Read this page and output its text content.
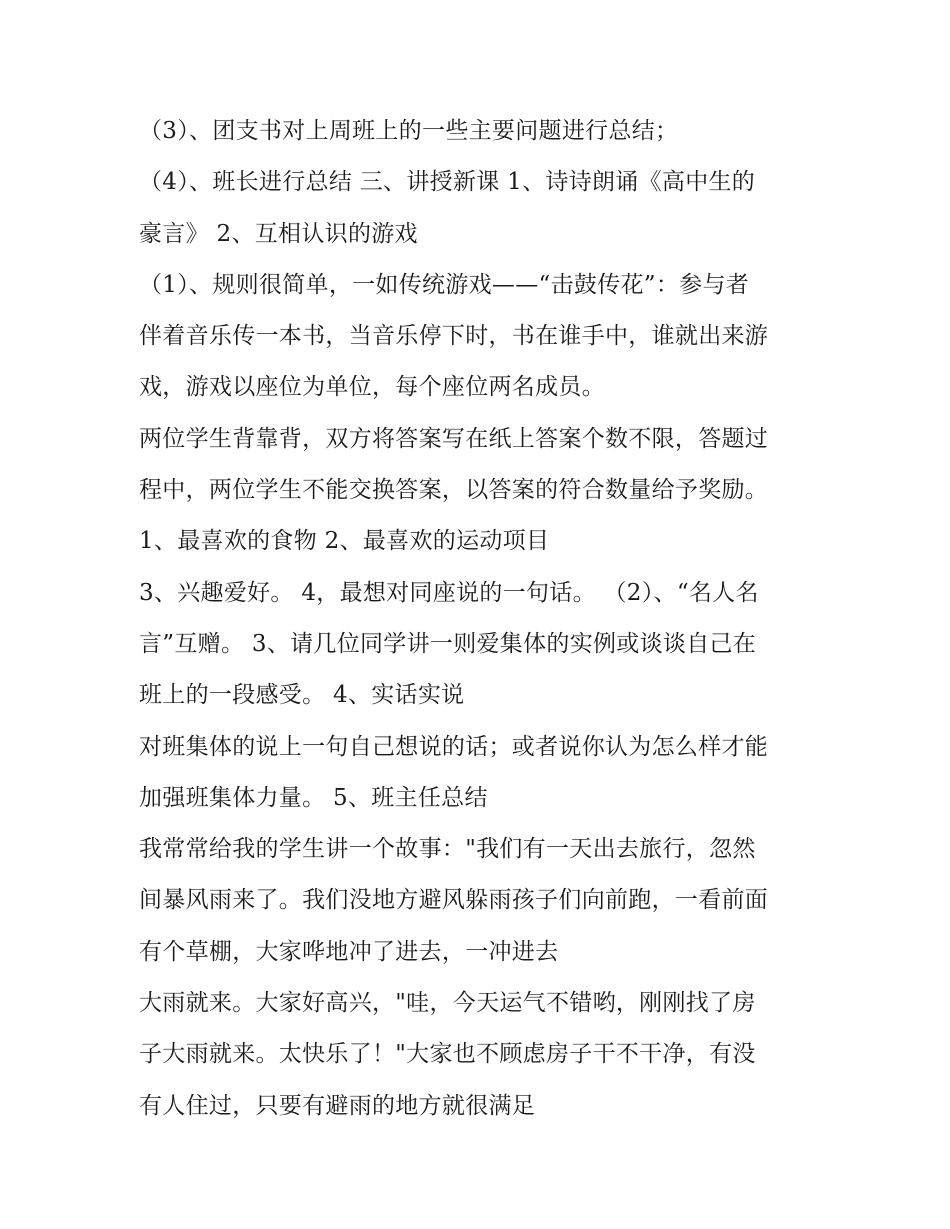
（3）、团支书对上周班上的一些主要问题进行总结；
（4）、班长进行总结 三、讲授新课 1、诗诗朗诵《高中生的
豪言》 2、互相认识的游戏
（1）、规则很简单，一如传统游戏——“击鼓传花”：参与者
伴着音乐传一本书，当音乐停下时，书在谁手中，谁就出来游
戏，游戏以座位为单位，每个座位两名成员。
两位学生背靠背，双方将答案写在纸上答案个数不限，答题过
程中，两位学生不能交换答案，以答案的符合数量给予奖励。
1、最喜欢的食物 2、最喜欢的运动项目
3、兴趣爱好。 4，最想对同座说的一句话。 （2）、“名人名
言”互赠。 3、请几位同学讲一则爱集体的实例或谈谈自己在
班上的一段感受。 4、实话实说
对班集体的说上一句自己想说的话；或者说你认为怎么样才能
加强班集体力量。 5、班主任总结
我常常给我的学生讲一个故事："我们有一天出去旅行，忽然
间暴风雨来了。我们没地方避风躲雨孩子们向前跑，一看前面
有个草棚，大家哗地冲了进去，一冲进去
大雨就来。大家好高兴，"哇，今天运气不错哟，刚刚找了房
子大雨就来。太快乐了！"大家也不顾虑房子干不干净，有没
有人住过，只要有避雨的地方就很满足
